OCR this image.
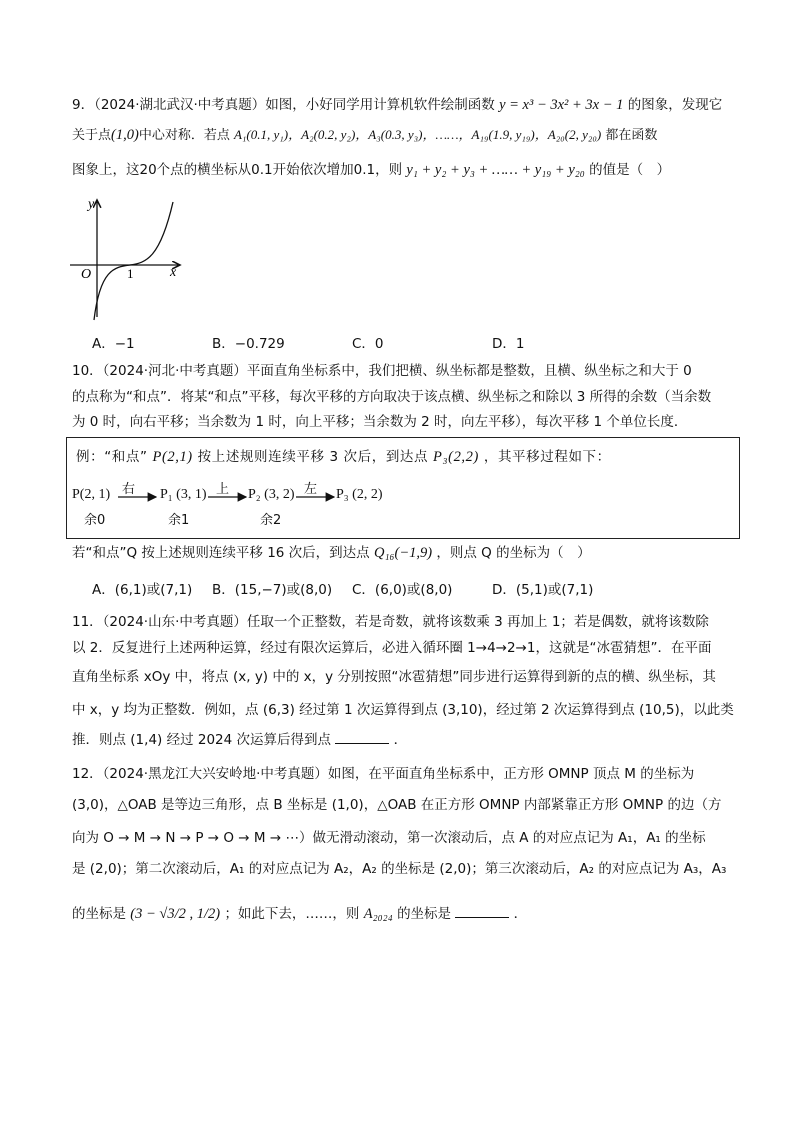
9．（2024·湖北武汉·中考真题）如图，小好同学用计算机软件绘制函数 y = x³ − 3x² + 3x − 1 的图象，发现它
关于点(1,0)中心对称．若点 A₁(0.1, y₁)，A₂(0.2, y₂)，A₃(0.3, y₃)，……，A₁₉(1.9, y₁₉)，A₂₀(2, y₂₀) 都在函数
图象上，这20个点的横坐标从0.1开始依次增加0.1，则 y₁ + y₂ + y₃ + …… + y₁₉ + y₂₀ 的值是（　）
y
x
O	1
A．−1	B．−0.729	C．0	D．1
10．（2024·河北·中考真题）平面直角坐标系中，我们把横、纵坐标都是整数，且横、纵坐标之和大于 0
的点称为“和点”．将某“和点”平移，每次平移的方向取决于该点横、纵坐标之和除以 3 所得的余数（当余数
为 0 时，向右平移；当余数为 1 时，向上平移；当余数为 2 时，向左平移），每次平移 1 个单位长度．
例：“和点” P(2,1) 按上述规则连续平移 3 次后，到达点 P₃(2,2) ，其平移过程如下：
P(2, 1)	P₁ (3, 1)	P₂ (3, 2)	P₃ (2, 2)
右	上	左
余0	余1	余2
若“和点”Q 按上述规则连续平移 16 次后，到达点 Q₁₆(−1,9) ，则点 Q 的坐标为（　）
A．(6,1)或(7,1) B．(15,−7)或(8,0) C．(6,0)或(8,0)	D．(5,1)或(7,1)
11．（2024·山东·中考真题）任取一个正整数，若是奇数，就将该数乘 3 再加上 1；若是偶数，就将该数除
以 2．反复进行上述两种运算，经过有限次运算后，必进入循环圈 1→4→2→1，这就是“冰雹猜想”．在平面
直角坐标系 xOy 中，将点 (x, y) 中的 x，y 分别按照“冰雹猜想”同步进行运算得到新的点的横、纵坐标，其
中 x，y 均为正整数．例如，点 (6,3) 经过第 1 次运算得到点 (3,10)，经过第 2 次运算得到点 (10,5)，以此类
推．则点 (1,4) 经过 2024 次运算后得到点	．
12．（2024·黑龙江大兴安岭地·中考真题）如图，在平面直角坐标系中，正方形 OMNP 顶点 M 的坐标为
(3,0)，△OAB 是等边三角形，点 B 坐标是 (1,0)，△OAB 在正方形 OMNP 内部紧靠正方形 OMNP 的边（方
向为 O → M → N → P → O → M → ⋯）做无滑动滚动，第一次滚动后，点 A 的对应点记为 A₁，A₁ 的坐标
是 (2,0)；第二次滚动后，A₁ 的对应点记为 A₂，A₂ 的坐标是 (2,0)；第三次滚动后，A₂ 的对应点记为 A₃，A₃
的坐标是 (3 − √3/2 , 1/2) ；如此下去，……，则 A₂₀₂₄ 的坐标是	．
